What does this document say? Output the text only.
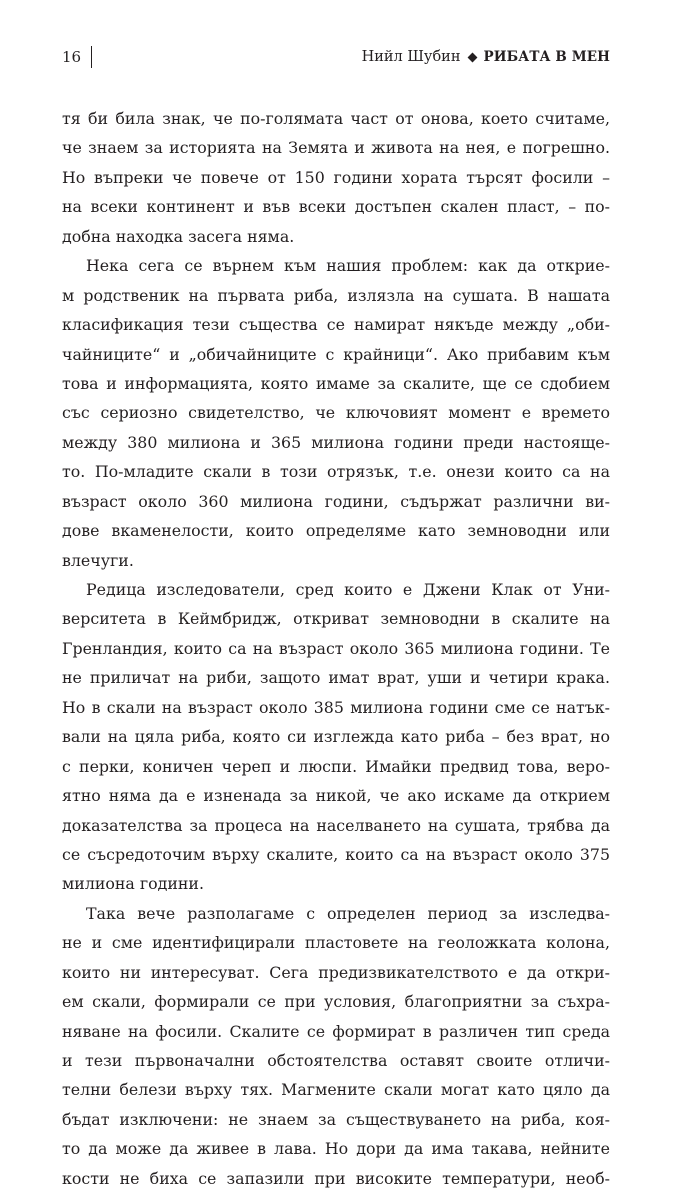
16	Нийл Шубин РИБАТА В МЕН
тя би била знак, че по-голямата част от онова, което считаме,
че знаем за историята на Земята и живота на нея, е погрешно.
Но въпреки че повече от 150 години хората търсят фосили –
на всеки континент и във всеки достъпен скален пласт, – по-
добна находка засега няма.
Нека сега се върнем към нашия проблем: как да открие-
м родственик на първата риба, излязла на сушата. В нашата
класификация тези същества се намират някъде между „оби-
чайниците“ и „обичайниците с крайници“. Ако прибавим към
това и информацията, която имаме за скалите, ще се сдобием
със сериозно свидетелство, че ключовият момент е времето
между 380 милиона и 365 милиона години преди настояще-
то. По-младите скали в този отрязък, т.е. онези които са на
възраст около 360 милиона години, съдържат различни ви-
дове вкаменелости, които определяме като земноводни или
влечуги.
Редица изследователи, сред които е Джени Клак от Уни-
верситета в Кеймбридж, откриват земноводни в скалите на
Гренландия, които са на възраст около 365 милиона години. Те
не приличат на риби, защото имат врат, уши и четири крака.
Но в скали на възраст около 385 милиона години сме се натък-
вали на цяла риба, която си изглежда като риба – без врат, но
с перки, коничен череп и люспи. Имайки предвид това, веро-
ятно няма да е изненада за никой, че ако искаме да открием
доказателства за процеса на населването на сушата, трябва да
се съсредоточим върху скалите, които са на възраст около 375
милиона години.
Така вече разполагаме с определен период за изследва-
не и сме идентифицирали пластовете на геоложката колона,
които ни интересуват. Сега предизвикателството е да откри-
ем скали, формирали се при условия, благоприятни за съхра-
няване на фосили. Скалите се формират в различен тип среда
и тези първоначални обстоятелства оставят своите отличи-
телни белези върху тях. Магмените скали могат като цяло да
бъдат изключени: не знаем за съществуването на риба, коя-
то да може да живее в лава. Но дори да има такава, нейните
кости не биха се запазили при високите температури, необ-
